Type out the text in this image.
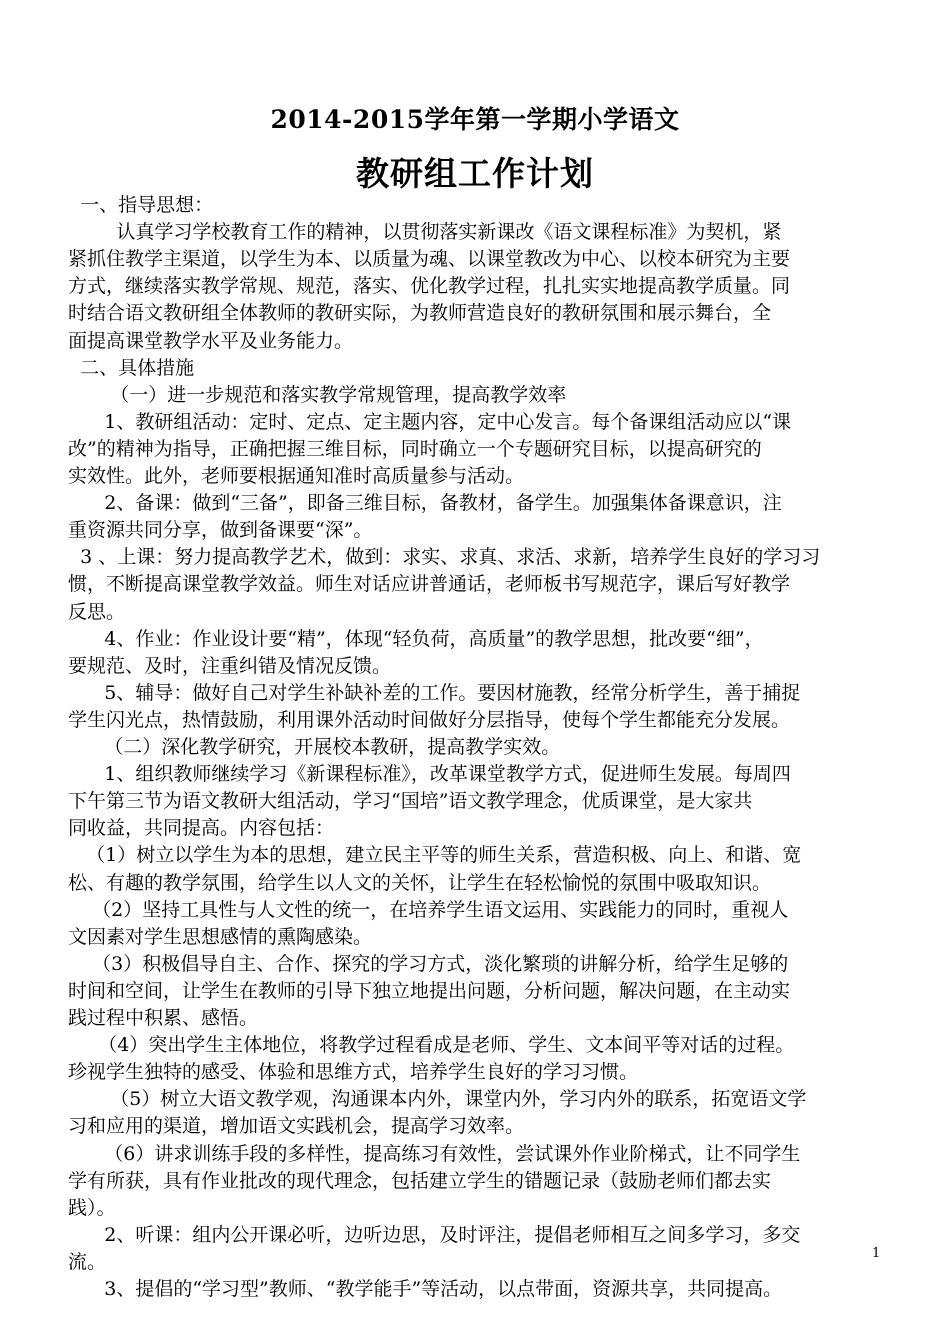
2014-2015学年第一学期小学语文
教研组工作计划
一、指导思想：
认真学习学校教育工作的精神，以贯彻落实新课改《语文课程标准》为契机，紧
紧抓住教学主渠道，以学生为本、以质量为魂、以课堂教改为中心、以校本研究为主要
方式，继续落实教学常规、规范，落实、优化教学过程，扎扎实实地提高教学质量。同
时结合语文教研组全体教师的教研实际，为教师营造良好的教研氛围和展示舞台，全
面提高课堂教学水平及业务能力。
二、具体措施
（一）进一步规范和落实教学常规管理，提高教学效率
1、教研组活动：定时、定点、定主题内容，定中心发言。每个备课组活动应以“课
改”的精神为指导，正确把握三维目标，同时确立一个专题研究目标，以提高研究的
实效性。此外，老师要根据通知准时高质量参与活动。
2、备课：做到“三备”，即备三维目标，备教材，备学生。加强集体备课意识，注
重资源共同分享，做到备课要“深”。
3 、上课：努力提高教学艺术，做到：求实、求真、求活、求新，培养学生良好的学习习
惯，不断提高课堂教学效益。师生对话应讲普通话，老师板书写规范字，课后写好教学
反思。
4、作业：作业设计要“精”，体现“轻负荷，高质量”的教学思想，批改要“细”，
要规范、及时，注重纠错及情况反馈。
5、辅导：做好自己对学生补缺补差的工作。要因材施教，经常分析学生，善于捕捉
学生闪光点，热情鼓励，利用课外活动时间做好分层指导，使每个学生都能充分发展。
（二）深化教学研究，开展校本教研，提高教学实效。
1、组织教师继续学习《新课程标准》，改革课堂教学方式，促进师生发展。每周四
下午第三节为语文教研大组活动，学习“国培”语文教学理念，优质课堂，是大家共
同收益，共同提高。内容包括：
（1）树立以学生为本的思想，建立民主平等的师生关系，营造积极、向上、和谐、宽
松、有趣的教学氛围，给学生以人文的关怀，让学生在轻松愉悦的氛围中吸取知识。
（2）坚持工具性与人文性的统一，在培养学生语文运用、实践能力的同时，重视人
文因素对学生思想感情的熏陶感染。
（3）积极倡导自主、合作、探究的学习方式，淡化繁琐的讲解分析，给学生足够的
时间和空间，让学生在教师的引导下独立地提出问题，分析问题，解决问题，在主动实
践过程中积累、感悟。
（4）突出学生主体地位，将教学过程看成是老师、学生、文本间平等对话的过程。
珍视学生独特的感受、体验和思维方式，培养学生良好的学习习惯。
（5）树立大语文教学观，沟通课本内外，课堂内外，学习内外的联系，拓宽语文学
习和应用的渠道，增加语文实践机会，提高学习效率。
（6）讲求训练手段的多样性，提高练习有效性，尝试课外作业阶梯式，让不同学生
学有所获，具有作业批改的现代理念，包括建立学生的错题记录（鼓励老师们都去实
践）。
2、听课：组内公开课必听，边听边思，及时评注，提倡老师相互之间多学习，多交
流。
3、提倡的“学习型”教师、“教学能手”等活动，以点带面，资源共享，共同提高。
1
